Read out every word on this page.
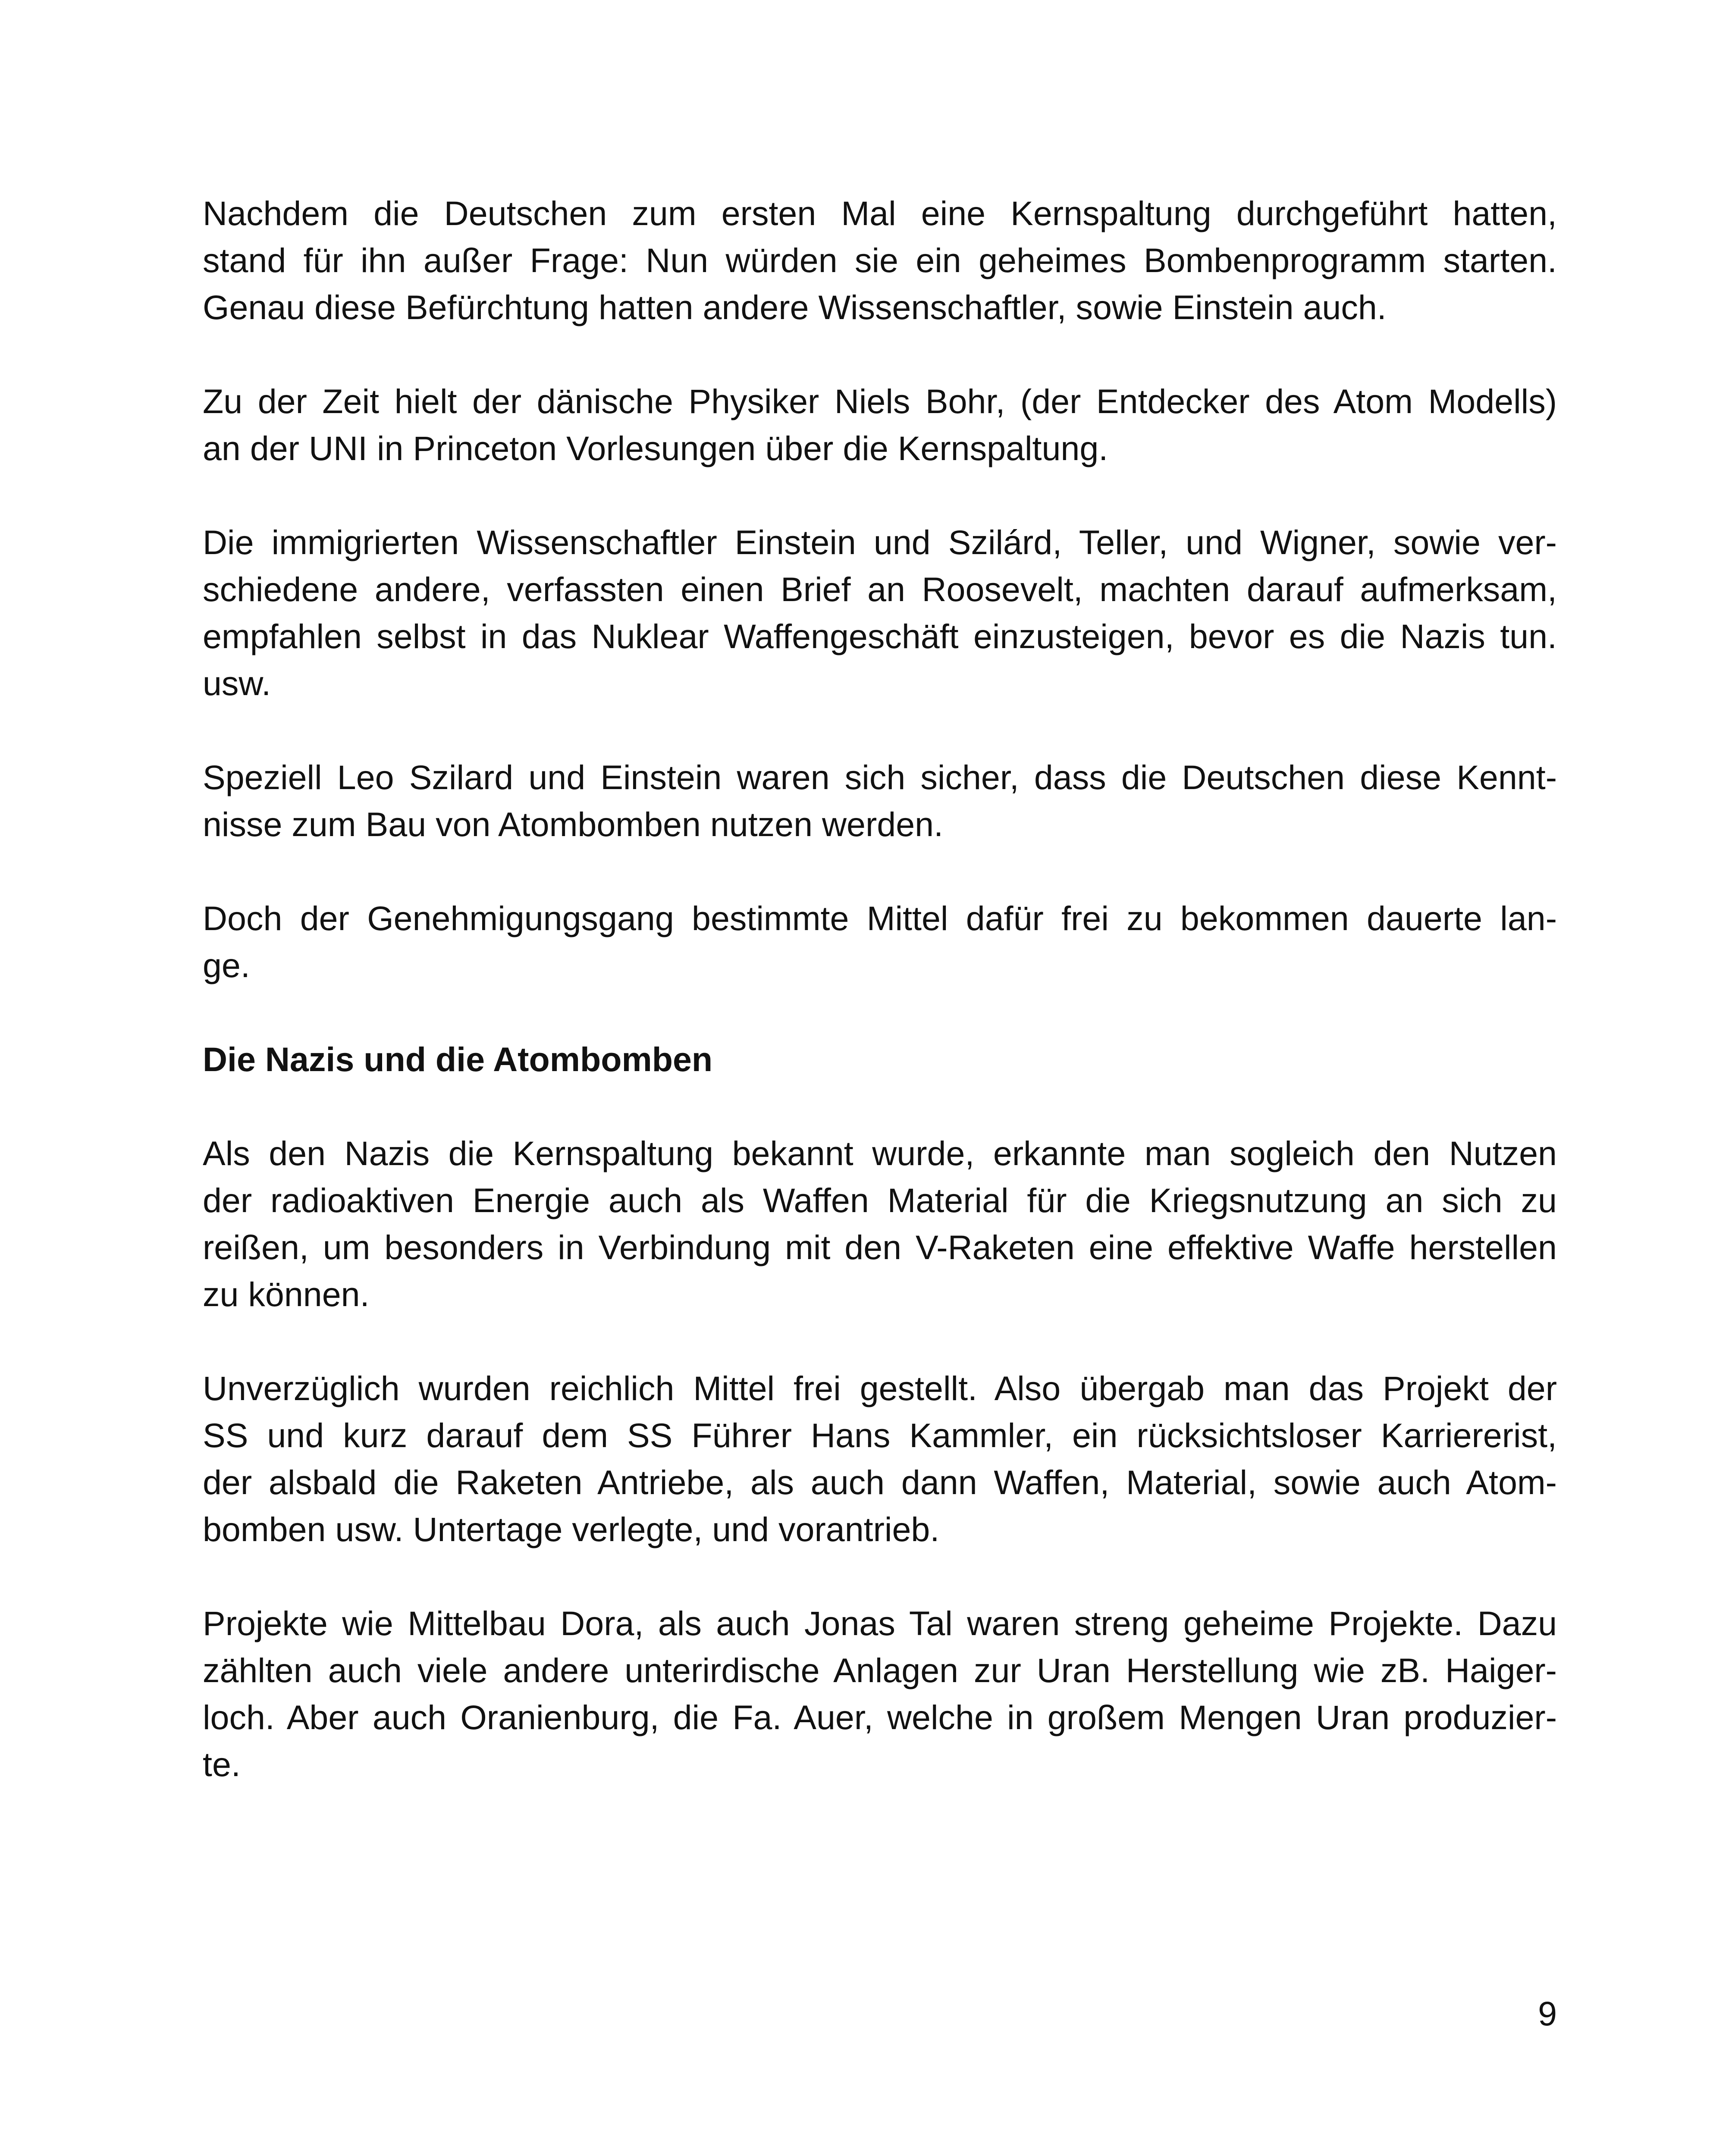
Nachdem die Deutschen zum ersten Mal eine Kernspaltung durchgeführt hatten,
stand für ihn außer Frage: Nun würden sie ein geheimes Bombenprogramm starten.
Genau diese Befürchtung hatten andere Wissenschaftler, sowie Einstein auch.
Zu der Zeit hielt der dänische Physiker Niels Bohr, (der Entdecker des Atom Modells)
an der UNI in Princeton Vorlesungen über die Kernspaltung.
Die immigrierten Wissenschaftler Einstein und Szilárd, Teller, und Wigner, sowie ver-
schiedene andere, verfassten einen Brief an Roosevelt, machten darauf aufmerksam,
empfahlen selbst in das Nuklear Waffengeschäft einzusteigen, bevor es die Nazis tun.
usw.
Speziell Leo Szilard und Einstein waren sich sicher, dass die Deutschen diese Kennt-
nisse zum Bau von Atombomben nutzen werden.
Doch der Genehmigungsgang bestimmte Mittel dafür frei zu bekommen dauerte lan-
ge.
Die Nazis und die Atombomben
Als den Nazis die Kernspaltung bekannt wurde, erkannte man sogleich den Nutzen
der radioaktiven Energie auch als Waffen Material für die Kriegsnutzung an sich zu
reißen, um besonders in Verbindung mit den V-Raketen eine effektive Waffe herstellen
zu können.
Unverzüglich wurden reichlich Mittel frei gestellt. Also übergab man das Projekt der
SS und kurz darauf dem SS Führer Hans Kammler, ein rücksichtsloser Karriererist,
der alsbald die Raketen Antriebe, als auch dann Waffen, Material, sowie auch Atom-
bomben usw. Untertage verlegte, und vorantrieb.
Projekte wie Mittelbau Dora, als auch Jonas Tal waren streng geheime Projekte. Dazu
zählten auch viele andere unterirdische Anlagen zur Uran Herstellung wie zB. Haiger-
loch. Aber auch Oranienburg, die Fa. Auer, welche in großem Mengen Uran produzier-
te.
9
